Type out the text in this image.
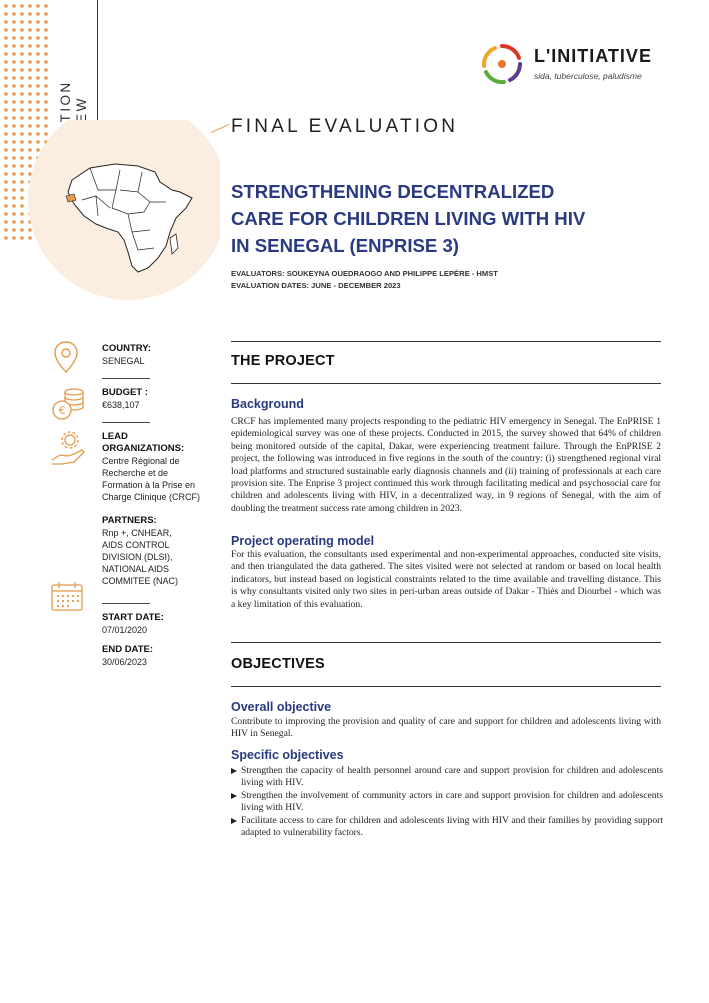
L'INITIATIVE
sida, tuberculose, paludisme
FINAL EVALUATION
STRENGTHENING DECENTRALIZED
CARE FOR CHILDREN LIVING WITH HIV
IN SENEGAL (ENPRISE 3)
EVALUATORS: SOUKEYNA OUEDRAOGO AND PHILIPPE LEPÈRE - HMST
EVALUATION DATES: JUNE - DECEMBER 2023
€
COUNTRY:
SENEGAL
BUDGET :
€638,107
LEAD
ORGANIZATIONS:
Centre Régional de
Recherche et de
Formation à la Prise en
Charge Clinique (CRCF)
PARTNERS:
Rnp +, CNHEAR,
AIDS CONTROL
DIVISION (DLSI),
NATIONAL AIDS
COMMITEE (NAC)
START DATE:
07/01/2020
END DATE:
30/06/2023
THE PROJECT
Background
CRCF has implemented many projects responding to the pediatric HIV emergency in Senegal. The EnPRISE 1 epidemiological survey was one of these projects. Conducted in 2015, the survey showed that 64% of children being monitored outside of the capital, Dakar, were experiencing treatment failure. Through the EnPRISE 2 project, the following was introduced in five regions in the south of the country: (i) strengthened regional viral load platforms and structured sustainable early diagnosis channels and (ii) training of professionals at each care provision site. The Enprise 3 project continued this work through facilitating medical and psychosocial care for children and adolescents living with HIV, in a decentralized way, in 9 regions of Senegal, with the aim of doubling the treatment success rate among children in 2023.
Project operating model
For this evaluation, the consultants used experimental and non-experimental approaches, conducted site visits, and then triangulated the data gathered. The sites visited were not selected at random or based on local health indicators, but instead based on logistical constraints related to the time available and travelling distance. This is why consultants visited only two sites in peri-urban areas outside of Dakar - Thiès and Diourbel - which was a key limitation of this evaluation.
OBJECTIVES
Overall objective
Contribute to improving the provision and quality of care and support for children and adolescents living with HIV in Senegal.
Specific objectives
Strengthen the capacity of health personnel around care and support provision for children and adolescents living with HIV.
Strengthen the involvement of community actors in care and support provision for children and adolescents living with HIV.
Facilitate access to care for children and adolescents living with HIV and their families by providing support adapted to vulnerability factors.
